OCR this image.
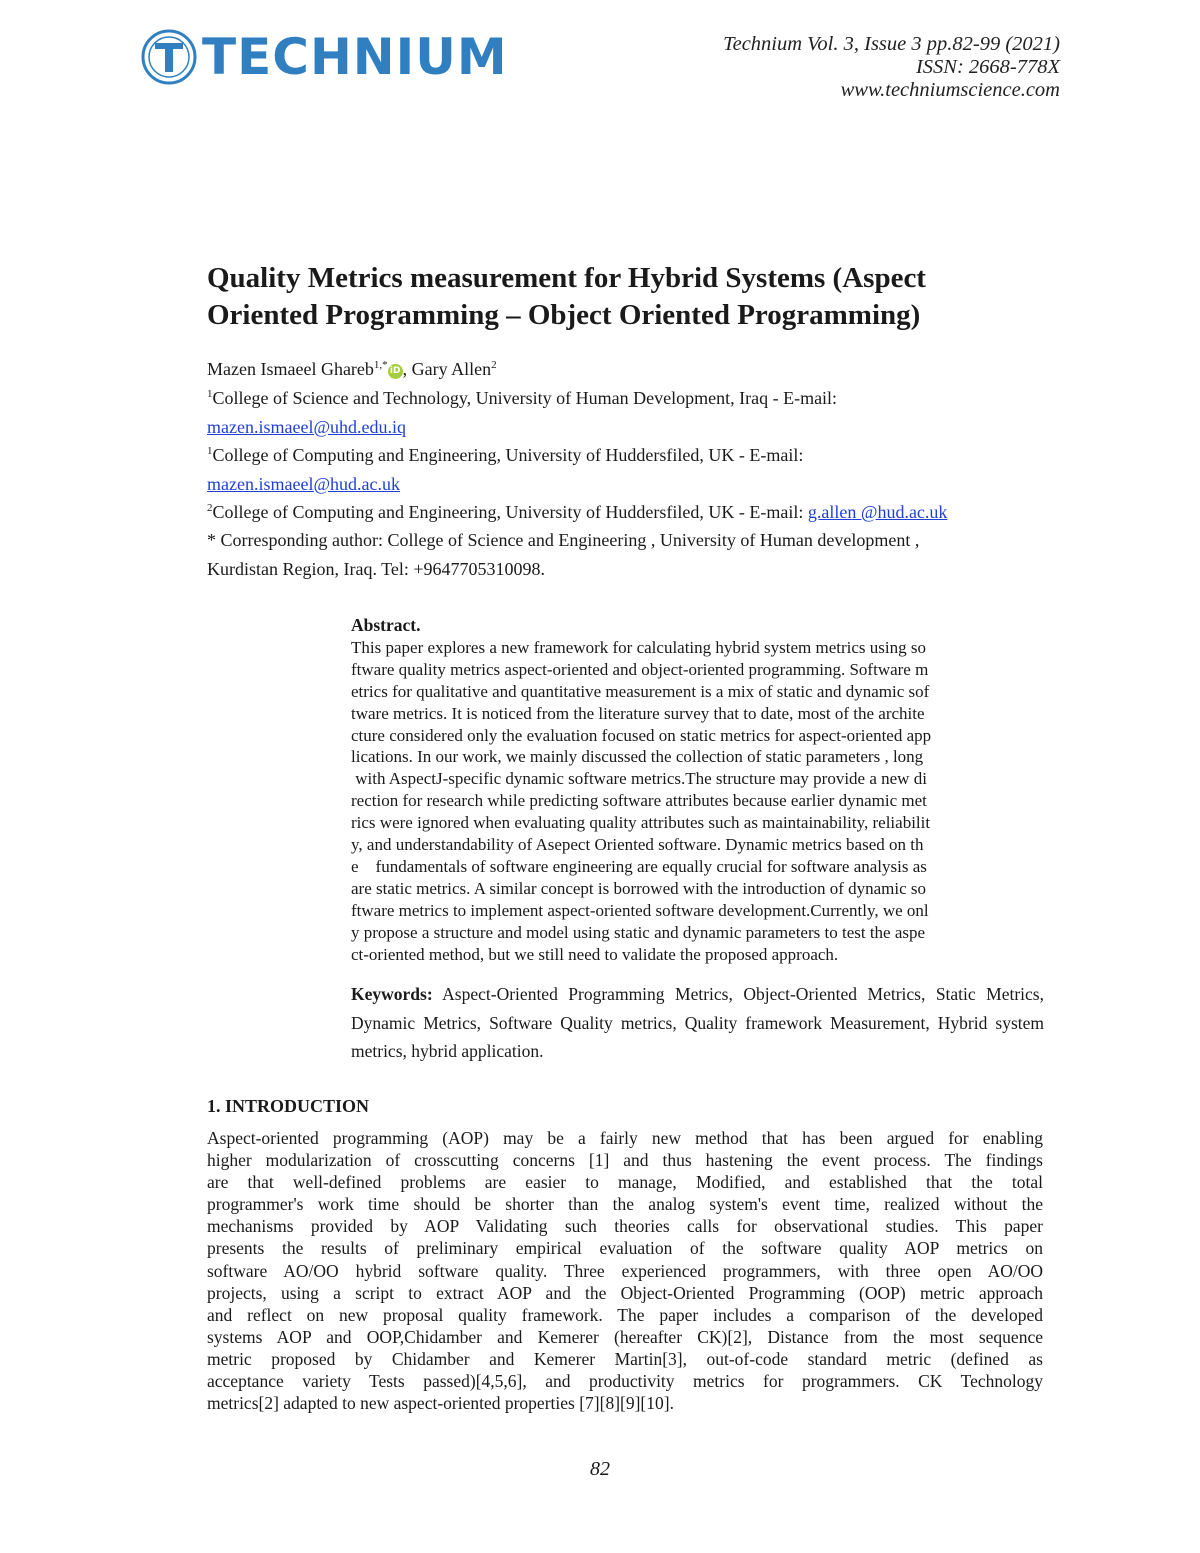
TECHNIUM	Technium Vol. 3, Issue 3 pp.82-99 (2021)
ISSN: 2668-778X
www.techniumscience.com
Quality Metrics measurement for Hybrid Systems (Aspect
Oriented Programming – Object Oriented Programming)
Mazen Ismaeel Ghareb$^{1,*}$ iD , Gary Allen$^2$
$^1$College of Science and Technology, University of Human Development, Iraq - E-mail:
mazen.ismaeel@uhd.edu.iq
$^1$College of Computing and Engineering, University of Huddersfiled, UK - E-mail:
mazen.ismaeel@hud.ac.uk
$^2$College of Computing and Engineering, University of Huddersfiled, UK - E-mail: g.allen @hud.ac.uk
* Corresponding author: College of Science and Engineering , University of Human development ,
Kurdistan Region, Iraq. Tel: +9647705310098.
Abstract.
This paper explores a new framework for calculating hybrid system metrics using so
ftware quality metrics aspect-oriented and object-oriented programming. Software m
etrics for qualitative and quantitative measurement is a mix of static and dynamic sof
tware metrics. It is noticed from the literature survey that to date, most of the archite
cture considered only the evaluation focused on static metrics for aspect-oriented app
lications. In our work, we mainly discussed the collection of static parameters , long
with AspectJ-specific dynamic software metrics.The structure may provide a new di
rection for research while predicting software attributes because earlier dynamic met
rics were ignored when evaluating quality attributes such as maintainability, reliabilit
y, and understandability of Asepect Oriented software. Dynamic metrics based on th
e    fundamentals of software engineering are equally crucial for software analysis as
are static metrics. A similar concept is borrowed with the introduction of dynamic so
ftware metrics to implement aspect-oriented software development.Currently, we onl
y propose a structure and model using static and dynamic parameters to test the aspe
ct-oriented method, but we still need to validate the proposed approach.
Keywords: Aspect-Oriented Programming Metrics, Object-Oriented Metrics, Static Metrics, Dynamic Metrics, Software Quality metrics, Quality framework Measurement, Hybrid system metrics, hybrid application.
1. INTRODUCTION
Aspect-oriented programming (AOP) may be a fairly new method that has been argued for enabling
higher modularization of crosscutting concerns [1] and thus hastening the event process. The findings
are that well-defined problems are easier to manage, Modified, and established that the total
programmer's work time should be shorter than the analog system's event time, realized without the
mechanisms provided by AOP Validating such theories calls for observational studies. This paper
presents the results of preliminary empirical evaluation of the software quality AOP metrics on
software AO/OO hybrid software quality. Three experienced programmers, with three open AO/OO
projects, using a script to extract AOP and the Object-Oriented Programming (OOP) metric approach
and reflect on new proposal quality framework. The paper includes a comparison of the developed
systems AOP and OOP,Chidamber and Kemerer (hereafter CK)[2], Distance from the most sequence
metric proposed by Chidamber and Kemerer Martin[3], out-of-code standard metric (defined as
acceptance variety Tests passed)[4,5,6], and productivity metrics for programmers. CK Technology
metrics[2] adapted to new aspect-oriented properties [7][8][9][10].
82
